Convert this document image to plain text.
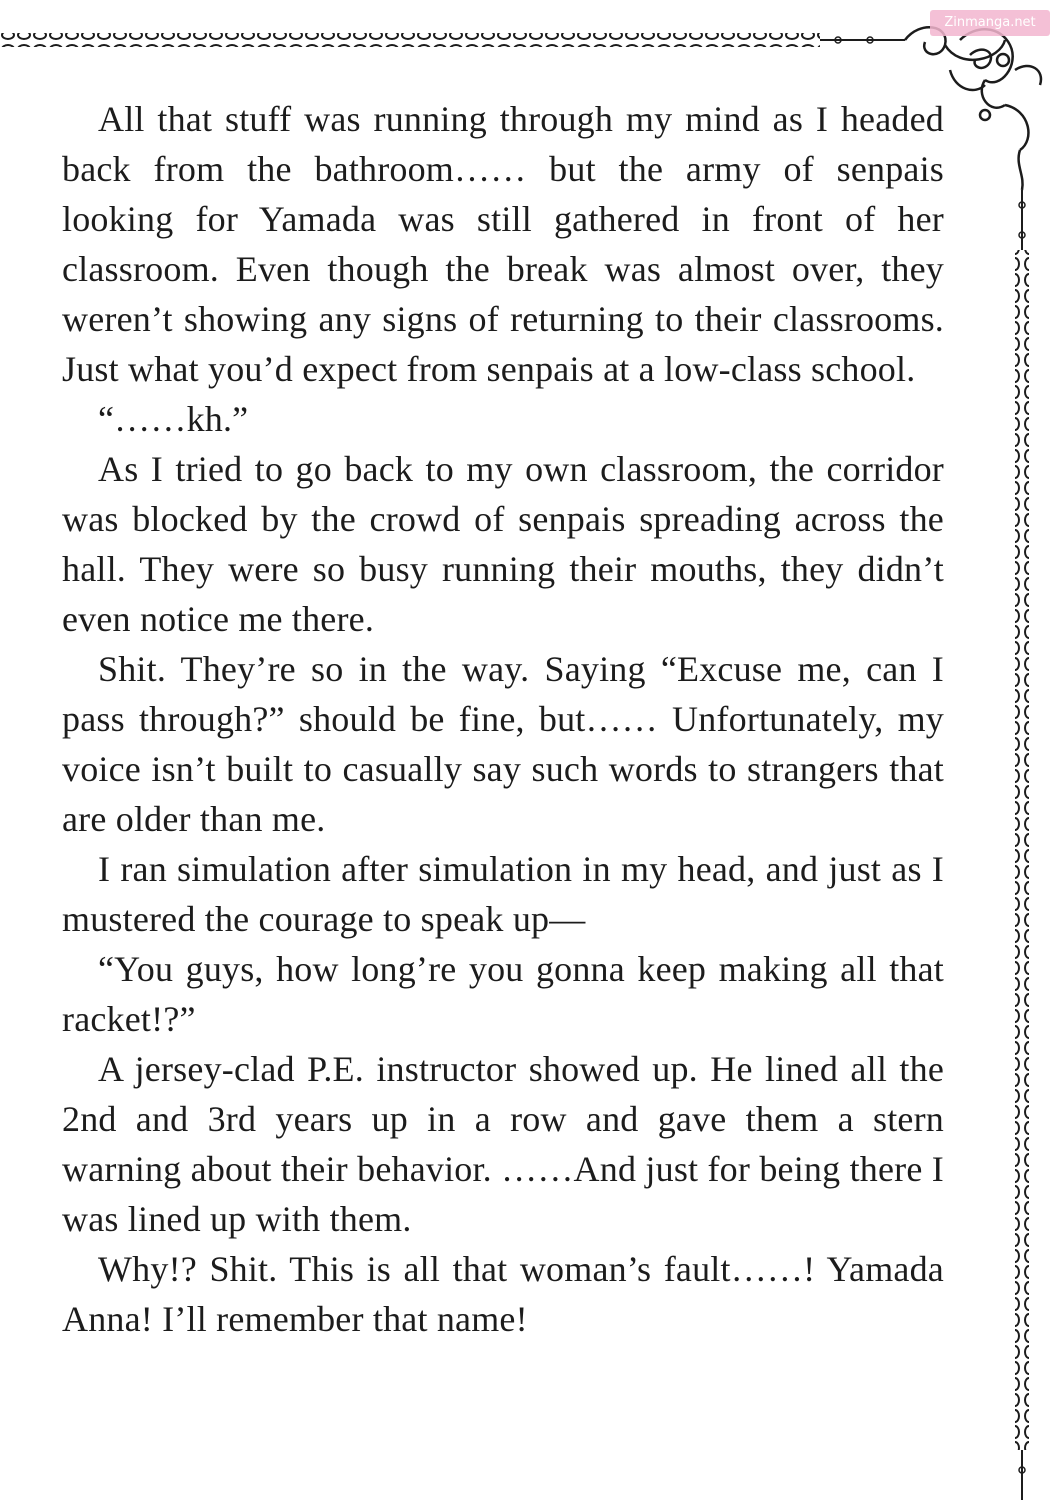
Zinmanga.net

All that stuff was running through my mind as I headed back from the bathroom…… but the army of senpais looking for Yamada was still gathered in front of her classroom. Even though the break was almost over, they weren’t showing any signs of returning to their classrooms. Just what you’d expect from senpais at a low-class school.

“……kh.”

As I tried to go back to my own classroom, the corridor was blocked by the crowd of senpais spreading across the hall. They were so busy running their mouths, they didn’t even notice me there.

Shit. They’re so in the way. Saying “Excuse me, can I pass through?” should be fine, but…… Unfortunately, my voice isn’t built to casually say such words to strangers that are older than me.

I ran simulation after simulation in my head, and just as I mustered the courage to speak up—

“You guys, how long’re you gonna keep making all that racket!?”

A jersey-clad P.E. instructor showed up. He lined all the 2nd and 3rd years up in a row and gave them a stern warning about their behavior. ……And just for being there I was lined up with them.

Why!? Shit. This is all that woman’s fault……! Yamada Anna! I’ll remember that name!
